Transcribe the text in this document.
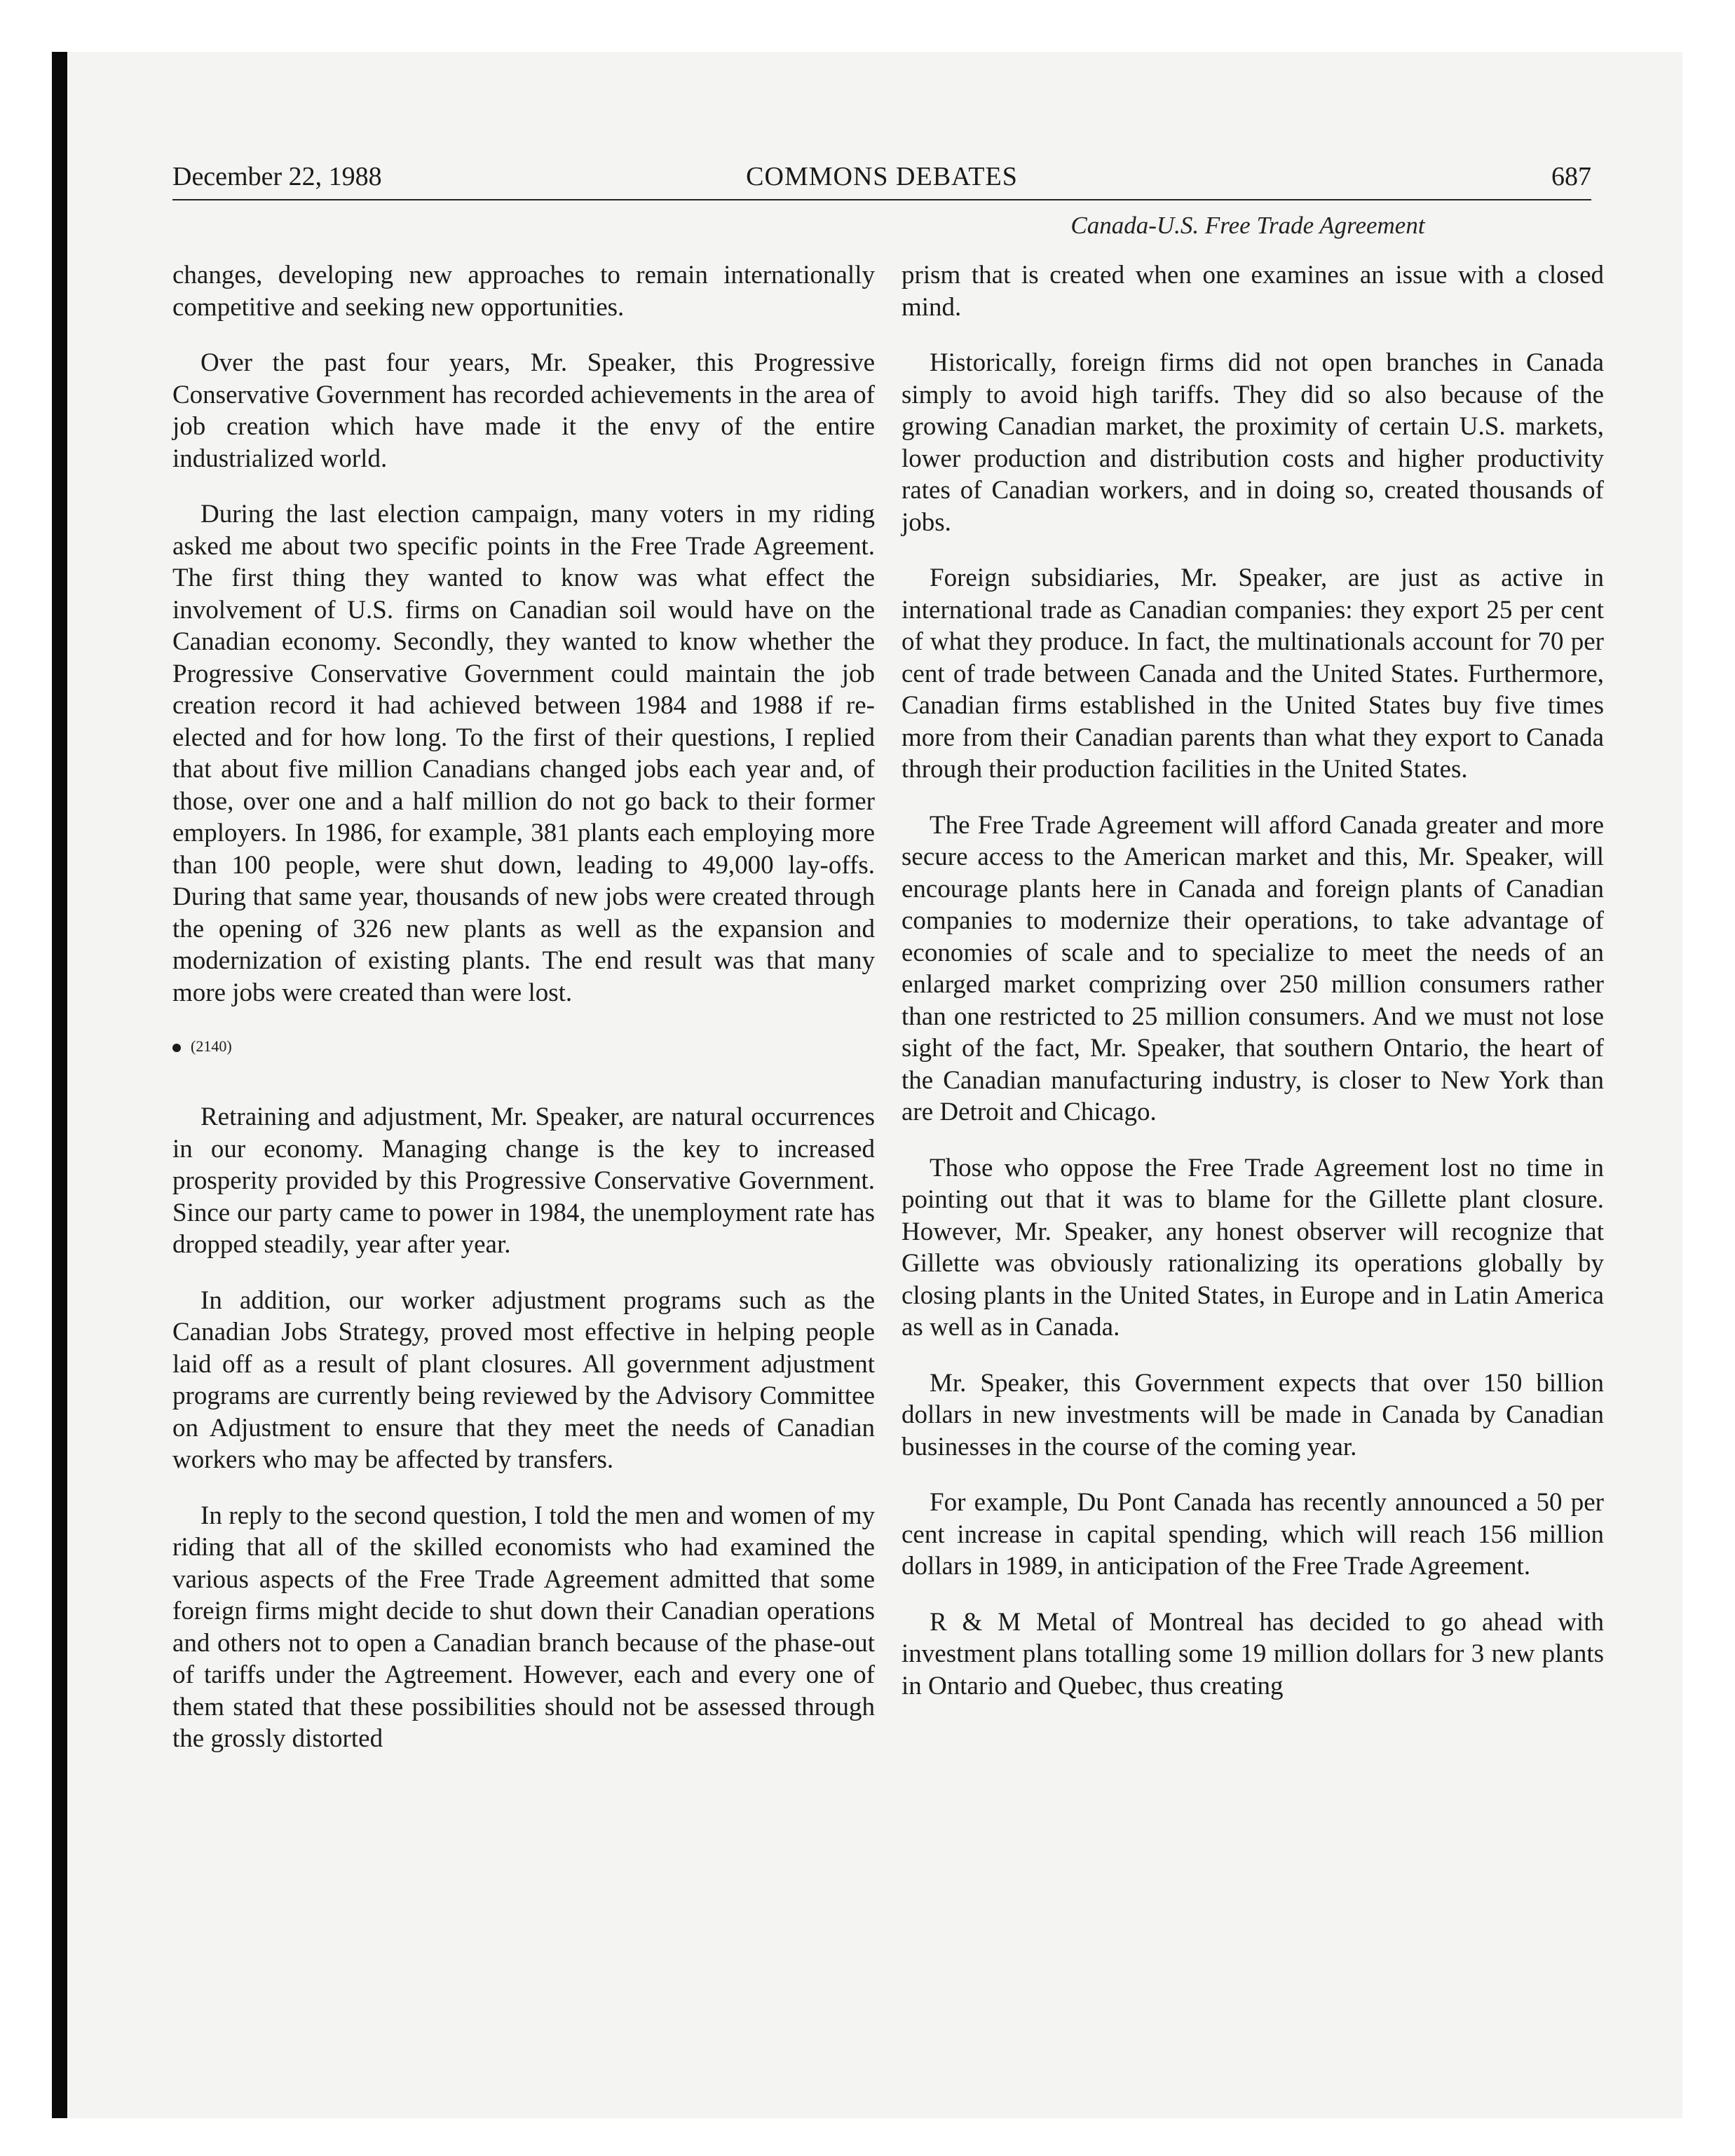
December 22, 1988	COMMONS DEBATES	687
Canada-U.S. Free Trade Agreement

changes, developing new approaches to remain internationally competitive and seeking new opportunities.

Over the past four years, Mr. Speaker, this Progressive Conservative Government has recorded achievements in the area of job creation which have made it the envy of the entire industrialized world.

During the last election campaign, many voters in my riding asked me about two specific points in the Free Trade Agreement. The first thing they wanted to know was what effect the involvement of U.S. firms on Canadian soil would have on the Canadian economy. Secondly, they wanted to know whether the Progressive Conservative Government could maintain the job creation record it had achieved between 1984 and 1988 if re-elected and for how long. To the first of their questions, I replied that about five million Canadians changed jobs each year and, of those, over one and a half million do not go back to their former employers. In 1986, for example, 381 plants each employing more than 100 people, were shut down, leading to 49,000 lay-offs. During that same year, thousands of new jobs were created through the opening of 326 new plants as well as the expansion and modernization of existing plants. The end result was that many more jobs were created than were lost.

(2140)

Retraining and adjustment, Mr. Speaker, are natural occurrences in our economy. Managing change is the key to increased prosperity provided by this Progressive Conservative Government. Since our party came to power in 1984, the unemployment rate has dropped steadily, year after year.

In addition, our worker adjustment programs such as the Canadian Jobs Strategy, proved most effective in helping people laid off as a result of plant closures. All government adjustment programs are currently being reviewed by the Advisory Committee on Adjustment to ensure that they meet the needs of Canadian workers who may be affected by transfers.

In reply to the second question, I told the men and women of my riding that all of the skilled economists who had examined the various aspects of the Free Trade Agreement admitted that some foreign firms might decide to shut down their Canadian operations and others not to open a Canadian branch because of the phase-out of tariffs under the Agtreement. However, each and every one of them stated that these possibilities should not be assessed through the grossly distorted

prism that is created when one examines an issue with a closed mind.

Historically, foreign firms did not open branches in Canada simply to avoid high tariffs. They did so also because of the growing Canadian market, the proximity of certain U.S. markets, lower production and distribution costs and higher productivity rates of Canadian workers, and in doing so, created thousands of jobs.

Foreign subsidiaries, Mr. Speaker, are just as active in international trade as Canadian companies: they export 25 per cent of what they produce. In fact, the multinationals account for 70 per cent of trade between Canada and the United States. Furthermore, Canadian firms established in the United States buy five times more from their Canadian parents than what they export to Canada through their production facilities in the United States.

The Free Trade Agreement will afford Canada greater and more secure access to the American market and this, Mr. Speaker, will encourage plants here in Canada and foreign plants of Canadian companies to modernize their operations, to take advantage of economies of scale and to specialize to meet the needs of an enlarged market comprizing over 250 million consumers rather than one restricted to 25 million consumers. And we must not lose sight of the fact, Mr. Speaker, that southern Ontario, the heart of the Canadian manufacturing industry, is closer to New York than are Detroit and Chicago.

Those who oppose the Free Trade Agreement lost no time in pointing out that it was to blame for the Gillette plant closure. However, Mr. Speaker, any honest observer will recognize that Gillette was obviously rationalizing its operations globally by closing plants in the United States, in Europe and in Latin America as well as in Canada.

Mr. Speaker, this Government expects that over 150 billion dollars in new investments will be made in Canada by Canadian businesses in the course of the coming year.

For example, Du Pont Canada has recently announced a 50 per cent increase in capital spending, which will reach 156 million dollars in 1989, in anticipation of the Free Trade Agreement.

R & M Metal of Montreal has decided to go ahead with investment plans totalling some 19 million dollars for 3 new plants in Ontario and Quebec, thus creating
